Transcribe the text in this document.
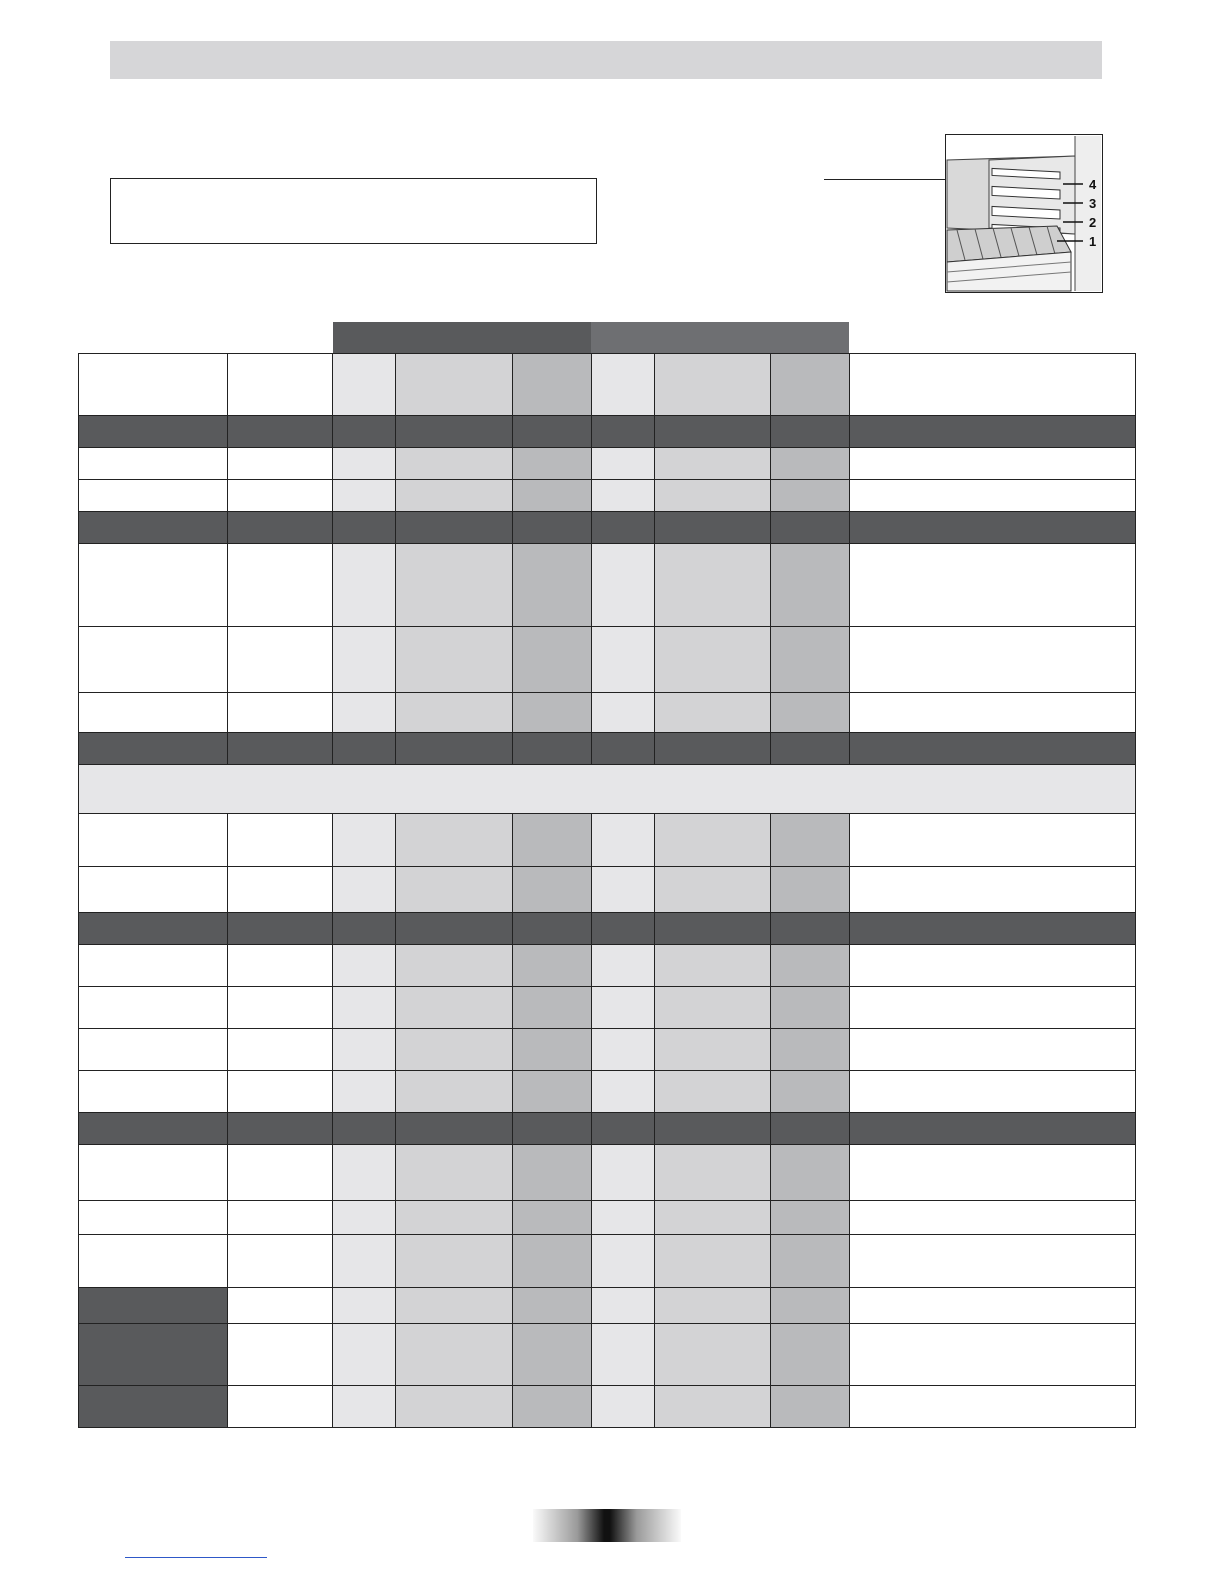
4
3
2
1
